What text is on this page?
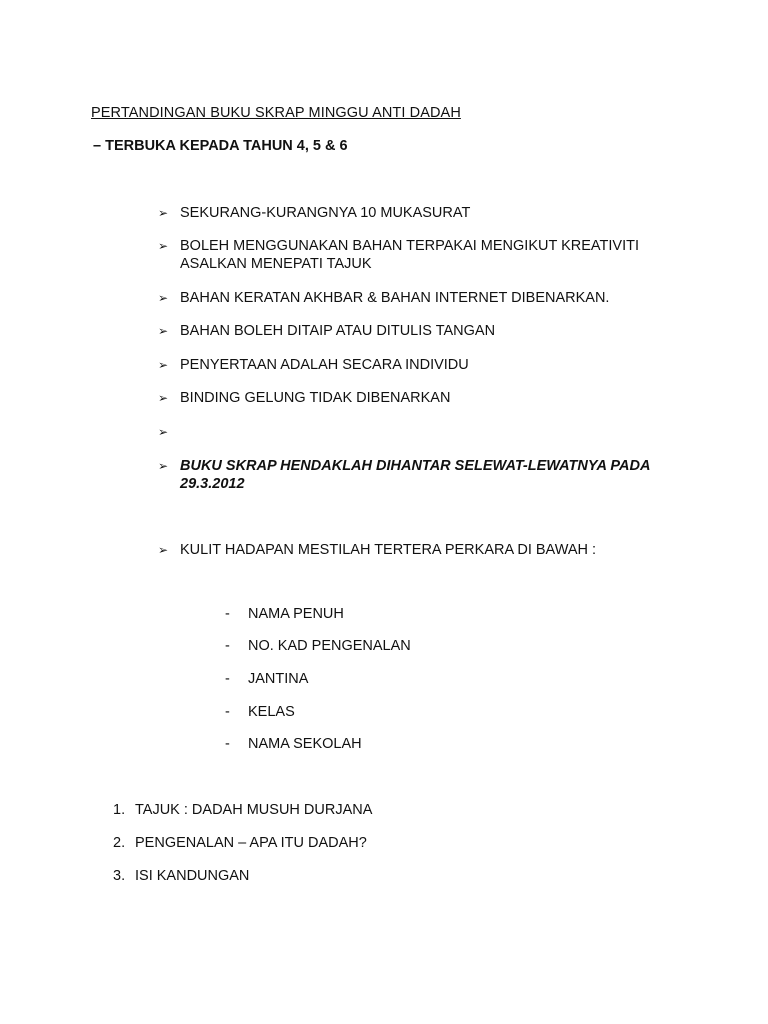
PERTANDINGAN BUKU SKRAP MINGGU ANTI DADAH
– TERBUKA KEPADA TAHUN 4, 5 & 6
➢ SEKURANG-KURANGNYA 10 MUKASURAT
➢ BOLEH MENGGUNAKAN BAHAN TERPAKAI MENGIKUT KREATIVITI ASALKAN MENEPATI TAJUK
➢ BAHAN KERATAN AKHBAR & BAHAN INTERNET DIBENARKAN.
➢ BAHAN BOLEH DITAIP ATAU DITULIS TANGAN
➢ PENYERTAAN ADALAH SECARA INDIVIDU
➢ BINDING GELUNG TIDAK DIBENARKAN
➢
➢ BUKU SKRAP HENDAKLAH DIHANTAR SELEWAT-LEWATNYA PADA 29.3.2012
➢ KULIT HADAPAN MESTILAH TERTERA PERKARA DI BAWAH :
-	NAMA PENUH
-	NO. KAD PENGENALAN
-	JANTINA
-	KELAS
-	NAMA SEKOLAH
1. TAJUK : DADAH MUSUH DURJANA
2. PENGENALAN – APA ITU DADAH?
3. ISI KANDUNGAN
